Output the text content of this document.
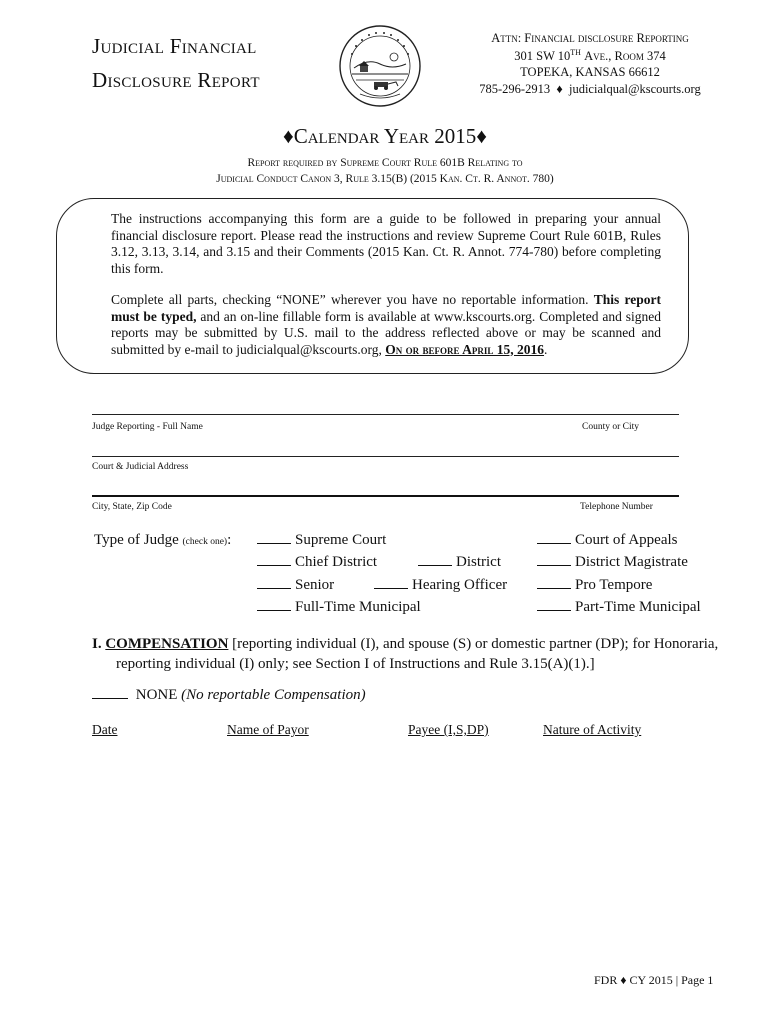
Judicial Financial
Disclosure Report
Attn: Financial disclosure Reporting
301 SW 10TH Ave., Room 374
TOPEKA, KANSAS 66612
785-296-2913 ♦ judicialqual@kscourts.org
♦Calendar Year 2015♦
Report required by Supreme Court Rule 601B Relating to
Judicial Conduct Canon 3, Rule 3.15(B) (2015 Kan. Ct. R. Annot. 780)
The instructions accompanying this form are a guide to be followed in preparing your annual financial disclosure report. Please read the instructions and review Supreme Court Rule 601B, Rules 3.12, 3.13, 3.14, and 3.15 and their Comments (2015 Kan. Ct. R. Annot. 774-780) before completing this form.
Complete all parts, checking “NONE” wherever you have no reportable information. This report must be typed, and an on-line fillable form is available at www.kscourts.org. Completed and signed reports may be submitted by U.S. mail to the address reflected above or may be scanned and submitted by e-mail to judicialqual@kscourts.org, On or before April 15, 2016.
Judge Reporting - Full Name	County or City
Court & Judicial Address
City, State, Zip Code	Telephone Number
Type of Judge (check one):	Supreme Court	Court of Appeals
Chief District	District	District Magistrate
Senior	Hearing Officer	Pro Tempore
Full-Time Municipal	Part-Time Municipal
I. COMPENSATION [reporting individual (I), and spouse (S) or domestic partner (DP); for Honoraria, reporting individual (I) only; see Section I of Instructions and Rule 3.15(A)(1).]
NONE (No reportable Compensation)
Date	Name of Payor	Payee (I,S,DP)	Nature of Activity
FDR ♦ CY 2015 | Page 1
